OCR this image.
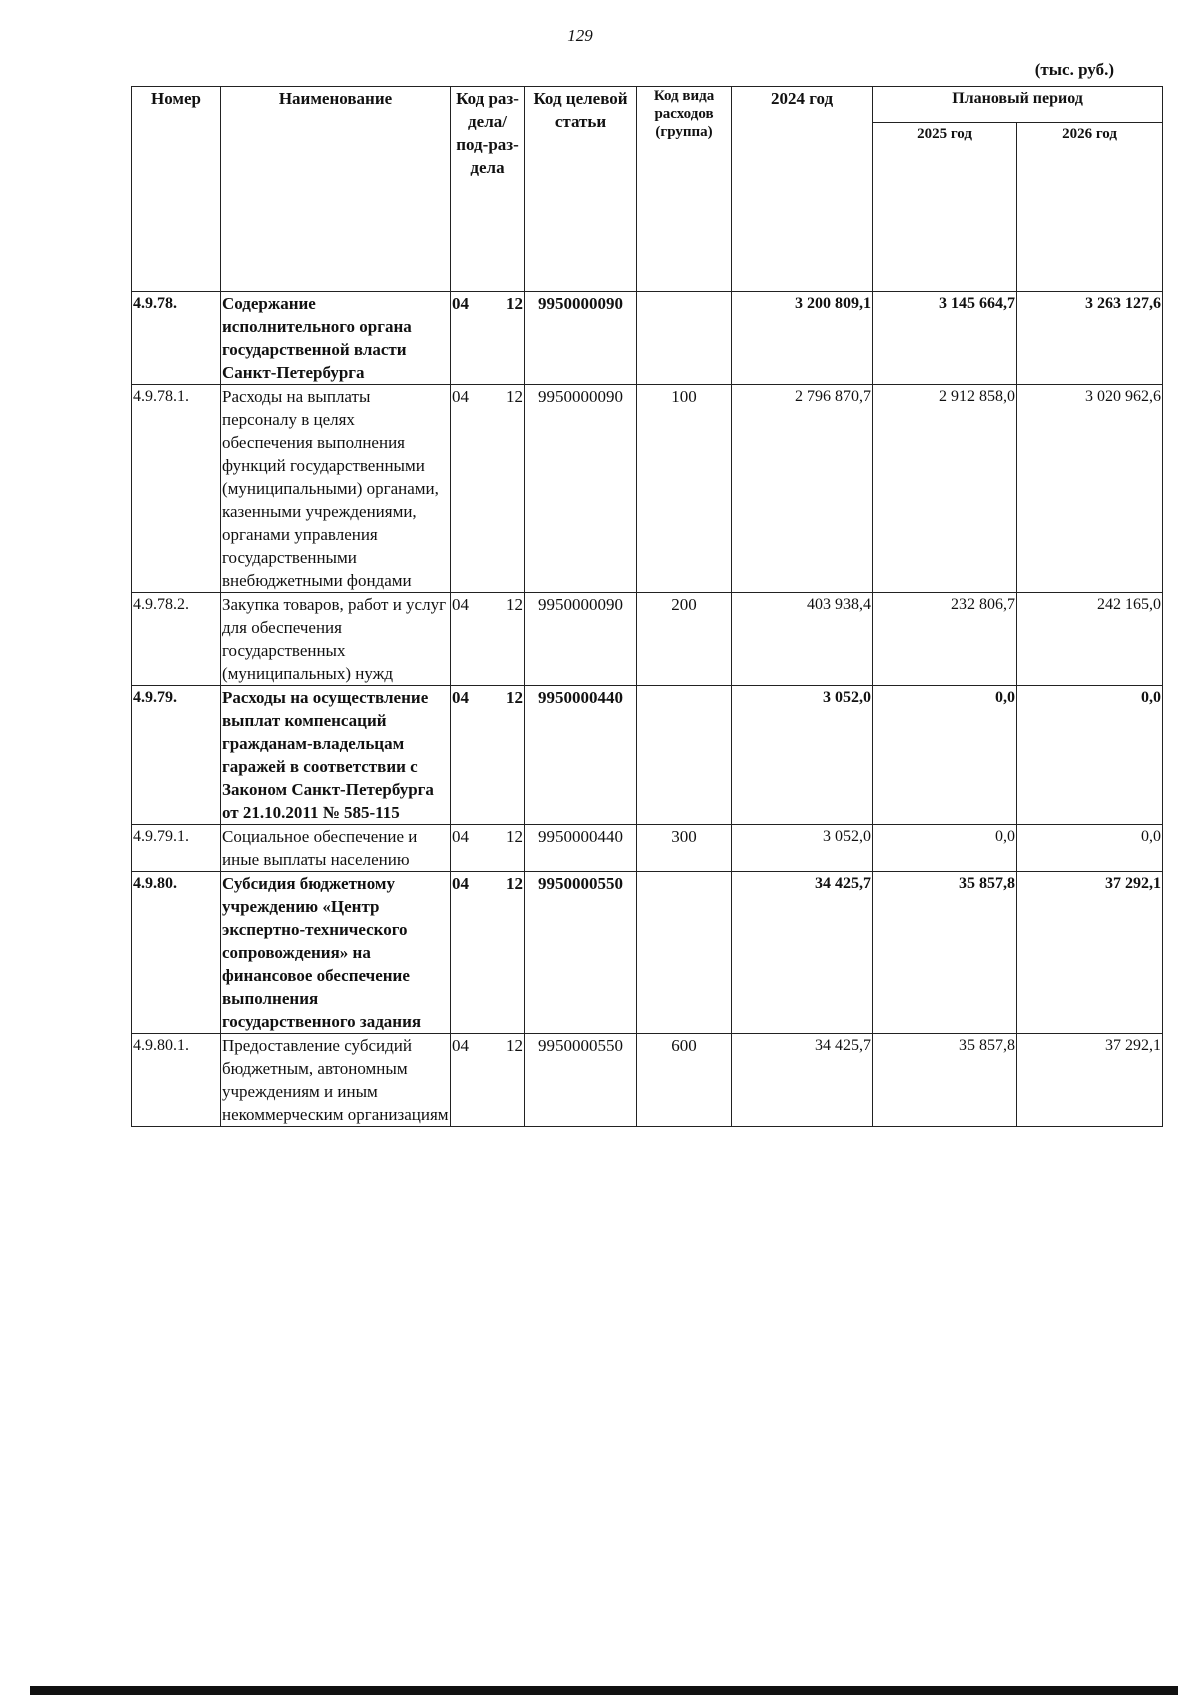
129
(тыс. руб.)
Номер	Наименование	Код раз-дела/ под-раз-дела		Код целевой статьи	Код вида расходов (группа)	2024 год	Плановый период	
							2025 год	2026 год
4.9.78.	Содержание исполнительного органа государственной власти Санкт-Петербурга	04	12	9950000090		3 200 809,1	3 145 664,7	3 263 127,6
4.9.78.1.	Расходы на выплаты персоналу в целях обеспечения выполнения функций государственными (муниципальными) органами, казенными учреждениями, органами управления государственными внебюджетными фондами	04	12	9950000090	100	2 796 870,7	2 912 858,0	3 020 962,6
4.9.78.2.	Закупка товаров, работ и услуг для обеспечения государственных (муниципальных) нужд	04	12	9950000090	200	403 938,4	232 806,7	242 165,0
4.9.79.	Расходы на осуществление выплат компенсаций гражданам-владельцам гаражей в соответствии с Законом Санкт-Петербурга от 21.10.2011 № 585-115	04	12	9950000440		3 052,0	0,0	0,0
4.9.79.1.	Социальное обеспечение и иные выплаты населению	04	12	9950000440	300	3 052,0	0,0	0,0
4.9.80.	Субсидия бюджетному учреждению «Центр экспертно-технического сопровождения» на финансовое обеспечение выполнения государственного задания	04	12	9950000550		34 425,7	35 857,8	37 292,1
4.9.80.1.	Предоставление субсидий бюджетным, автономным учреждениям и иным некоммерческим организациям	04	12	9950000550	600	34 425,7	35 857,8	37 292,1
